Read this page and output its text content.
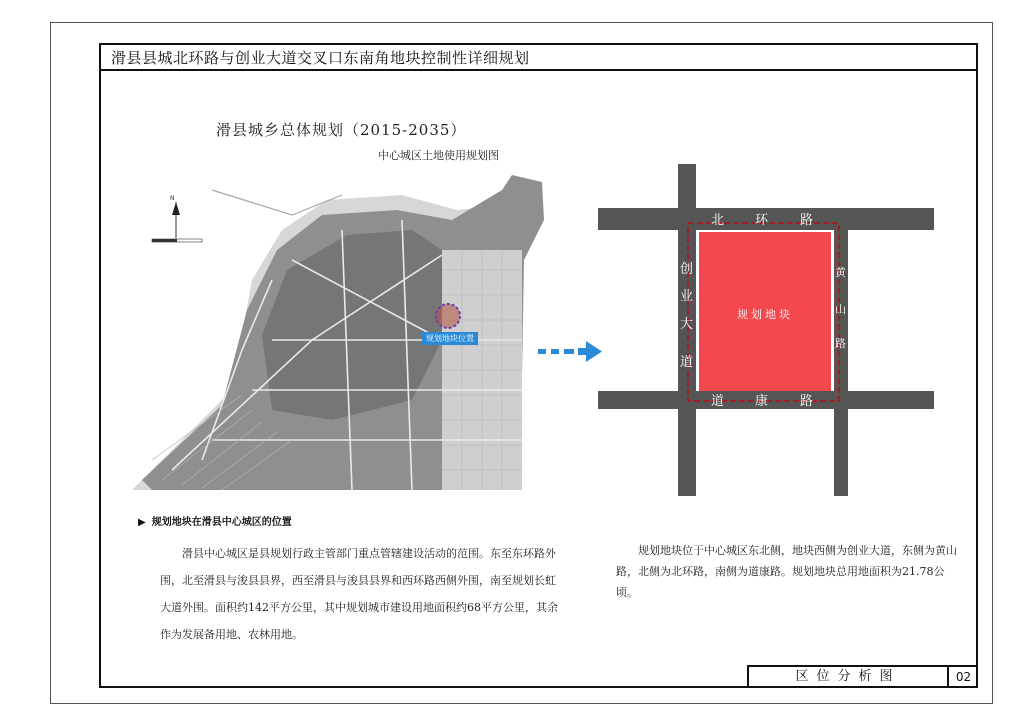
滑县县城北环路与创业大道交叉口东南角地块控制性详细规划
滑县城乡总体规划（2015-2035）
中心城区土地使用规划图
N
规划地块位置
▶ 规划地块在滑县中心城区的位置
滑县中心城区是县规划行政主管部门重点管辖建设活动的范围。东至东环路外围，北至滑县与浚县县界，西至滑县与浚县县界和西环路西侧外围，南至规划长虹大道外围。面积约142平方公里，其中规划城市建设用地面积约68平方公里，其余作为发展备用地、农林用地。
北 环 路
道 康 路
创
业
大
道
黄
山
路
规划地块
规划地块位于中心城区东北侧，地块西侧为创业大道，东侧为黄山路，北侧为北环路，南侧为道康路。规划地块总用地面积为21.78公顷。
区位分析图	02
